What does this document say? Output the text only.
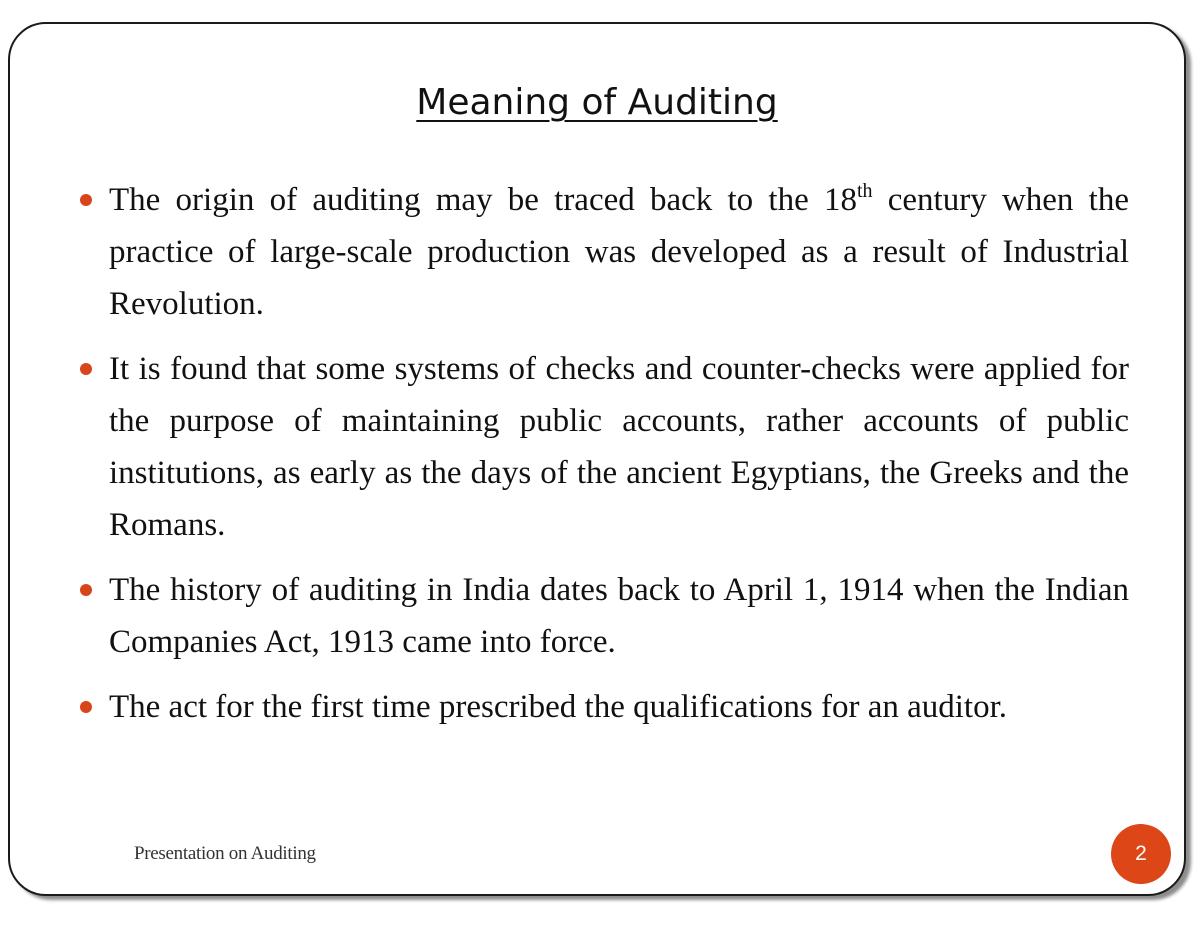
Meaning of Auditing
The origin of auditing may be traced back to the 18th century when the practice of large-scale production was developed as a result of Industrial Revolution.
It is found that some systems of checks and counter-checks were applied for the purpose of maintaining public accounts, rather accounts of public institutions, as early as the days of the ancient Egyptians, the Greeks and the Romans.
The history of auditing in India dates back to April 1, 1914 when the Indian Companies Act, 1913 came into force.
The act for the first time prescribed the qualifications for an auditor.
Presentation on Auditing	2
